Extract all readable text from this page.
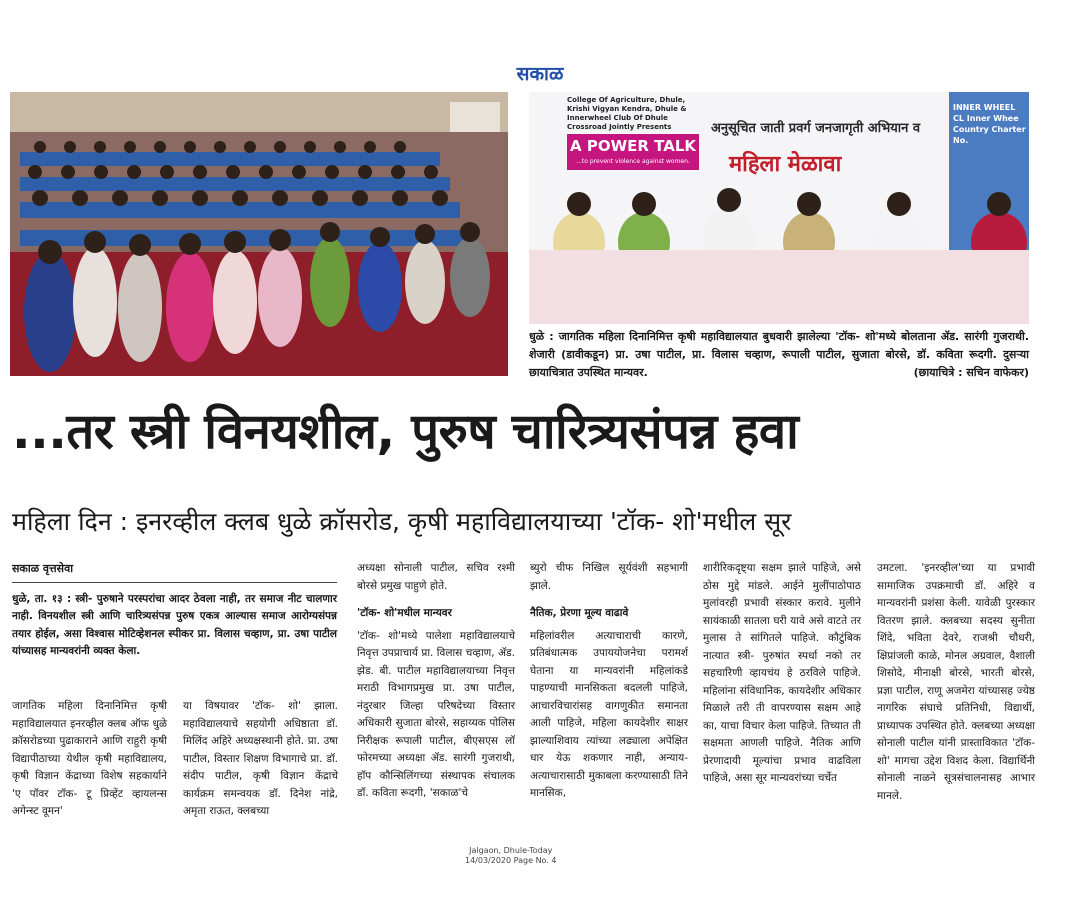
सकाळ
College Of Agriculture, Dhule, Krishi Vigyan Kendra, Dhule & Innerwheel Club Of Dhule Crossroad Jointly Presents
A POWER TALK
...to prevent violence against women.
अनुसूचित जाती प्रवर्ग जनजागृती अभियान व
महिला मेळावा
INNER WHEEL CL Inner Whee Country Charter No.
धुळे : जागतिक महिला दिनानिमित्त कृषी महाविद्यालयात बुधवारी झालेल्या 'टॉक- शो'मध्ये बोलताना ॲड. सारंगी गुजराथी. शेजारी (डावीकडून) प्रा. उषा पाटील, प्रा. विलास चव्हाण, रूपाली पाटील, सुजाता बोरसे, डॉ. कविता रूदगी. दुसऱ्या छायाचित्रात उपस्थित मान्यवर.	(छायाचित्रे : सचिन वाफेकर)
...तर स्त्री विनयशील, पुरुष चारित्र्यसंपन्न हवा
महिला दिन : इनरव्हील क्लब धुळे क्रॉसरोड, कृषी महाविद्यालयाच्या 'टॉक- शो'मधील सूर
सकाळ वृत्तसेवा

धुळे, ता. १३ : स्त्री- पुरुषाने परस्परांचा आदर ठेवला नाही, तर समाज नीट चालणार नाही. विनयशील स्त्री आणि चारित्र्यसंपन्न पुरुष एकत्र आल्यास समाज आरोग्यसंपन्न तयार होईल, असा विश्वास मोटिव्हेशनल स्पीकर प्रा. विलास चव्हाण, प्रा. उषा पाटील यांच्यासह मान्यवरांनी व्यक्त केला.

जागतिक महिला दिनानिमित्त कृषी महाविद्यालयात इनरव्हील क्लब ऑफ धुळे क्रॉसरोडच्या पुढाकाराने आणि राहुरी कृषी विद्यापीठाच्या येथील कृषी महाविद्यालय, कृषी विज्ञान केंद्राच्या विशेष सहकार्याने 'ए पॉवर टॉक- टू प्रिव्हेंट व्हायलन्स अगेन्स्ट वूमन'

या विषयावर 'टॉक- शो' झाला. महाविद्यालयाचे सहयोगी अधिष्ठाता डॉ. मिलिंद अहिरे अध्यक्षस्थानी होते. प्रा. उषा पाटील, विस्तार शिक्षण विभागाचे प्रा. डॉ. संदीप पाटील, कृषी विज्ञान केंद्राचे कार्यक्रम समन्वयक डॉ. दिनेश नांद्रे, अमृता राऊत, क्लबच्या

अध्यक्षा सोनाली पाटील, सचिव रश्मी बोरसे प्रमुख पाहुणे होते.

'टॉक- शो'मधील मान्यवर

'टॉक- शो'मध्ये पालेशा महाविद्यालयाचे निवृत्त उपप्राचार्य प्रा. विलास चव्हाण, ॲड. झेड. बी. पाटील महाविद्यालयाच्या निवृत्त मराठी विभागप्रमुख प्रा. उषा पाटील, नंदुरबार जिल्हा परिषदेच्या विस्तार अधिकारी सुजाता बोरसे, सहाय्यक पोलिस निरीक्षक रूपाली पाटील, बीएसएस लॉ फोरमच्या अध्यक्षा ॲड. सारंगी गुजराथी, हॉप कौन्सिलिंगच्या संस्थापक संचालक डॉ. कविता रूदगी, 'सकाळ'चे

ब्युरो चीफ निखिल सूर्यवंशी सहभागी झाले.

नैतिक, प्रेरणा मूल्य वाढावे

महिलांवरील अत्याचाराची कारणे, प्रतिबंधात्मक उपाययोजनेचा परामर्श घेताना या मान्यवरांनी महिलांकडे पाहण्याची मानसिकता बदलली पाहिजे, आचारविचारांसह वागणुकीत समानता आली पाहिजे, महिला कायदेशीर साक्षर झाल्याशिवाय त्यांच्या लढ्याला अपेक्षित धार येऊ शकणार नाही, अन्याय- अत्याचारासाठी मुकाबला करण्यासाठी तिने मानसिक,

शारीरिकदृष्ट्या सक्षम झाले पाहिजे, असे ठोस मुद्दे मांडले. आईने मुलींपाठोपाठ मुलांवरही प्रभावी संस्कार करावे. मुलीने सायंकाळी सातला घरी यावे असे वाटते तर मुलास ते सांगितले पाहिजे. कौटुंबिक नात्यात स्त्री- पुरुषांत स्पर्धा नको तर सहचारिणी व्हायचंय हे ठरविले पाहिजे. महिलांना संविधानिक, कायदेशीर अधिकार मिळाले तरी ती वापरण्यास सक्षम आहे का, याचा विचार केला पाहिजे. तिच्यात ती सक्षमता आणली पाहिजे. नैतिक आणि प्रेरणादायी मूल्यांचा प्रभाव वाढविला पाहिजे, असा सूर मान्यवरांच्या चर्चेत

उमटला. 'इनरव्हील'च्या या प्रभावी सामाजिक उपक्रमाची डॉ. अहिरे व मान्यवरांनी प्रशंसा केली. यावेळी पुरस्कार वितरण झाले. क्लबच्या सदस्य सुनीता शिंदे, भविता देवरे, राजश्री चौधरी, क्षिप्रांजली काळे, मोनल अग्रवाल, वैशाली शिसोदे, मीनाक्षी बोरसे, भारती बोरसे, प्रज्ञा पाटील, राणू अजमेरा यांच्यासह ज्येष्ठ नागरिक संघाचे प्रतिनिधी, विद्यार्थी, प्राध्यापक उपस्थित होते. क्लबच्या अध्यक्षा सोनाली पाटील यांनी प्रास्ताविकात 'टॉक- शो' मागचा उद्देश विशद केला. विद्यार्थिनी सोनाली नाळने सूत्रसंचालनासह आभार मानले.

Jalgaon, Dhule-Today
14/03/2020 Page No. 4
